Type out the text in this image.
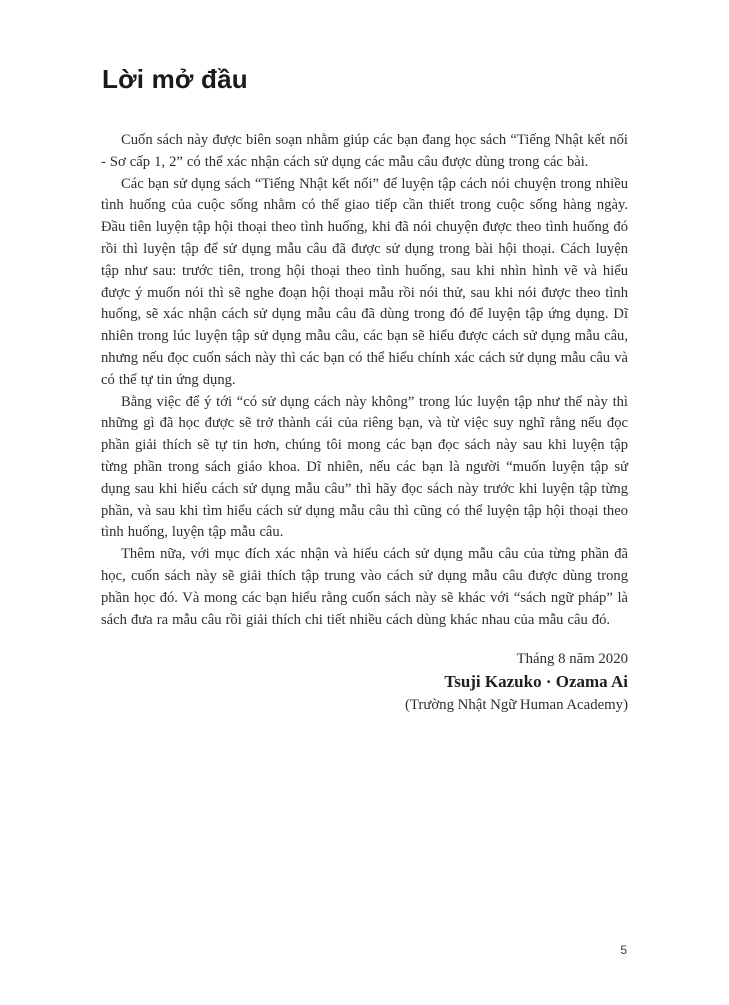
Lời mở đầu

Cuốn sách này được biên soạn nhằm giúp các bạn đang học sách “Tiếng Nhật kết nối - Sơ cấp 1, 2” có thể xác nhận cách sử dụng các mẫu câu được dùng trong các bài.

Các bạn sử dụng sách “Tiếng Nhật kết nối” để luyện tập cách nói chuyện trong nhiều tình huống của cuộc sống nhằm có thể giao tiếp cần thiết trong cuộc sống hàng ngày. Đầu tiên luyện tập hội thoại theo tình huống, khi đã nói chuyện được theo tình huống đó rồi thì luyện tập để sử dụng mẫu câu đã được sử dụng trong bài hội thoại. Cách luyện tập như sau: trước tiên, trong hội thoại theo tình huống, sau khi nhìn hình vẽ và hiểu được ý muốn nói thì sẽ nghe đoạn hội thoại mẫu rồi nói thử, sau khi nói được theo tình huống, sẽ xác nhận cách sử dụng mẫu câu đã dùng trong đó để luyện tập ứng dụng. Dĩ nhiên trong lúc luyện tập sử dụng mẫu câu, các bạn sẽ hiểu được cách sử dụng mẫu câu, nhưng nếu đọc cuốn sách này thì các bạn có thể hiểu chính xác cách sử dụng mẫu câu và có thể tự tin ứng dụng.

Bằng việc để ý tới “có sử dụng cách này không” trong lúc luyện tập như thế này thì những gì đã học được sẽ trở thành cái của riêng bạn, và từ việc suy nghĩ rằng nếu đọc phần giải thích sẽ tự tin hơn, chúng tôi mong các bạn đọc sách này sau khi luyện tập từng phần trong sách giáo khoa. Dĩ nhiên, nếu các bạn là người “muốn luyện tập sử dụng sau khi hiểu cách sử dụng mẫu câu” thì hãy đọc sách này trước khi luyện tập từng phần, và sau khi tìm hiểu cách sử dụng mẫu câu thì cũng có thể luyện tập hội thoại theo tình huống, luyện tập mẫu câu.

Thêm nữa, với mục đích xác nhận và hiểu cách sử dụng mẫu câu của từng phần đã học, cuốn sách này sẽ giải thích tập trung vào cách sử dụng mẫu câu được dùng trong phần học đó. Và mong các bạn hiểu rằng cuốn sách này sẽ khác với “sách ngữ pháp” là sách đưa ra mẫu câu rồi giải thích chi tiết nhiều cách dùng khác nhau của mẫu câu đó.

Tháng 8 năm 2020
Tsuji Kazuko · Ozama Ai
(Trường Nhật Ngữ Human Academy)
5
